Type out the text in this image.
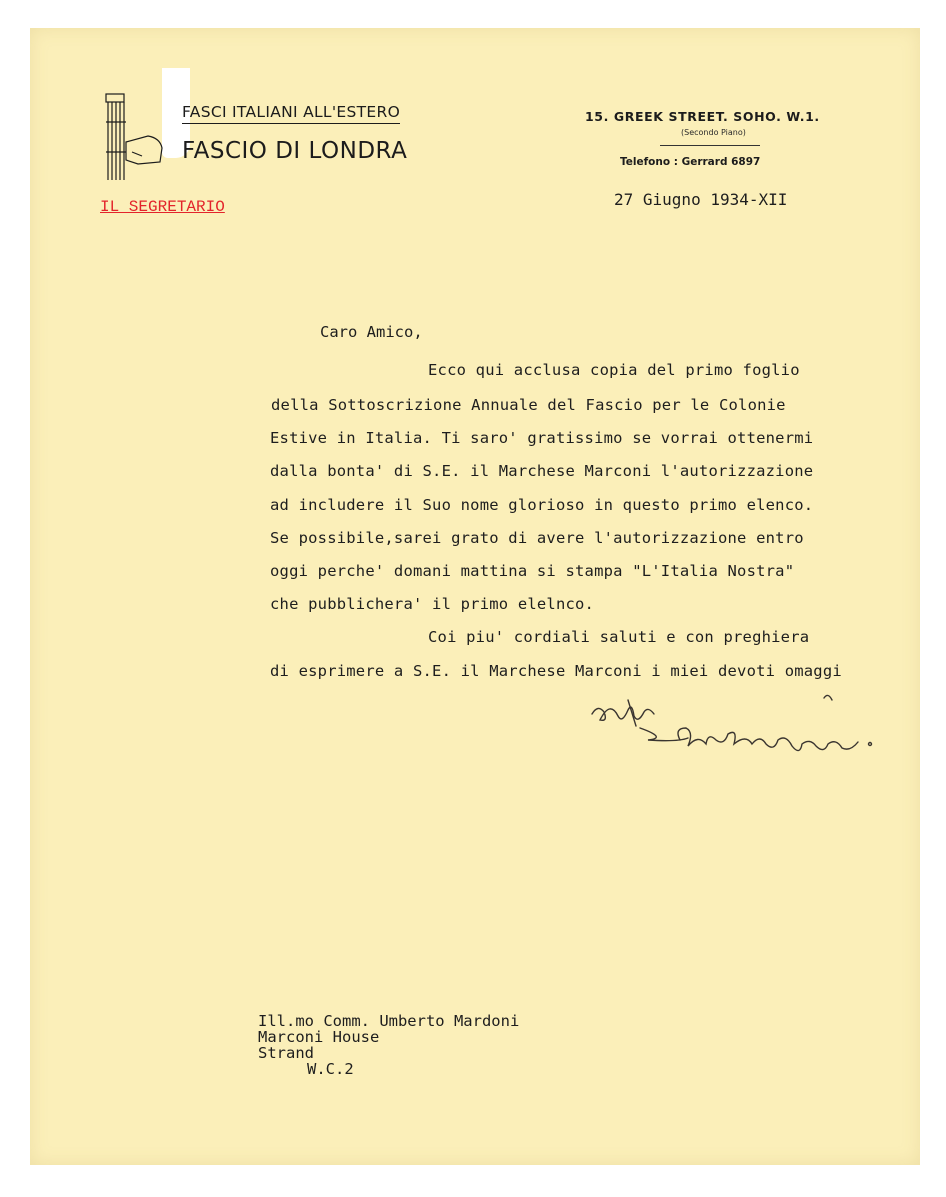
FASCI ITALIANI ALL'ESTERO
FASCIO DI LONDRA
15. GREEK STREET. SOHO. W.1.
(Secondo Piano)
Telefono : Gerrard 6897
IL SEGRETARIO	27 Giugno 1934-XII
Caro Amico,
Ecco qui acclusa copia del primo foglio
della Sottoscrizione Annuale del Fascio per le Colonie
Estive in Italia. Ti saro' gratissimo se vorrai ottenermi
dalla bonta' di S.E. il Marchese Marconi l'autorizzazione
ad includere il Suo nome glorioso in questo primo elenco.
Se possibile,sarei grato di avere l'autorizzazione entro
oggi perche' domani mattina si stampa "L'Italia Nostra"
che pubblichera' il primo elelnco.
Coi piu' cordiali saluti e con preghiera
di esprimere a S.E. il Marchese Marconi i miei devoti omaggi
Ill.mo Comm. Umberto Mardoni
Marconi House
Strand
W.C.2
